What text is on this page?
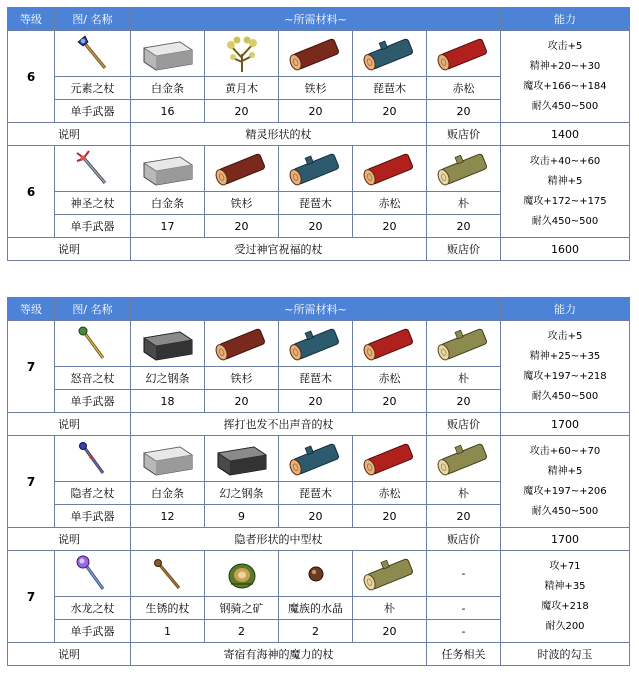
等级	图/ 名称	~所需材料~					能力
6							攻击+5
精神+20~+30
魔攻+166~+184
耐久450~500

	元素之杖	白金条	黄月木	铁杉	琵琶木	赤松	
	单手武器	16	20	20	20	20	
说明		精灵形状的杖				贩店价	1400
6							攻击+40~+60
精神+5
魔攻+172~+175
耐久450~500

	神圣之杖	白金条	铁杉	琵琶木	赤松	朴	
	单手武器	17	20	20	20	20	
说明		受过神官祝福的杖				贩店价	1600
等级	图/ 名称	~所需材料~					能力
7							攻击+5
精神+25~+35
魔攻+197~+218
耐久450~500

	怒音之杖	幻之钢条	铁杉	琵琶木	赤松	朴	
	单手武器	18	20	20	20	20	
说明		挥打也发不出声音的杖				贩店价	1700
7							攻击+60~+70
精神+5
魔攻+197~+206
耐久450~500

	隐者之杖	白金条	幻之钢条	琵琶木	赤松	朴	
	单手武器	12	9	20	20	20	
说明		隐者形状的中型杖				贩店价	1700
7						-	攻+71
精神+35
魔攻+218
耐久200

	水龙之杖	生锈的杖	钢骑之矿	魔族的水晶	朴	-	
	单手武器	1	2	2	20	-	
说明		寄宿有海神的魔力的杖				任务相关	时波的勾玉
